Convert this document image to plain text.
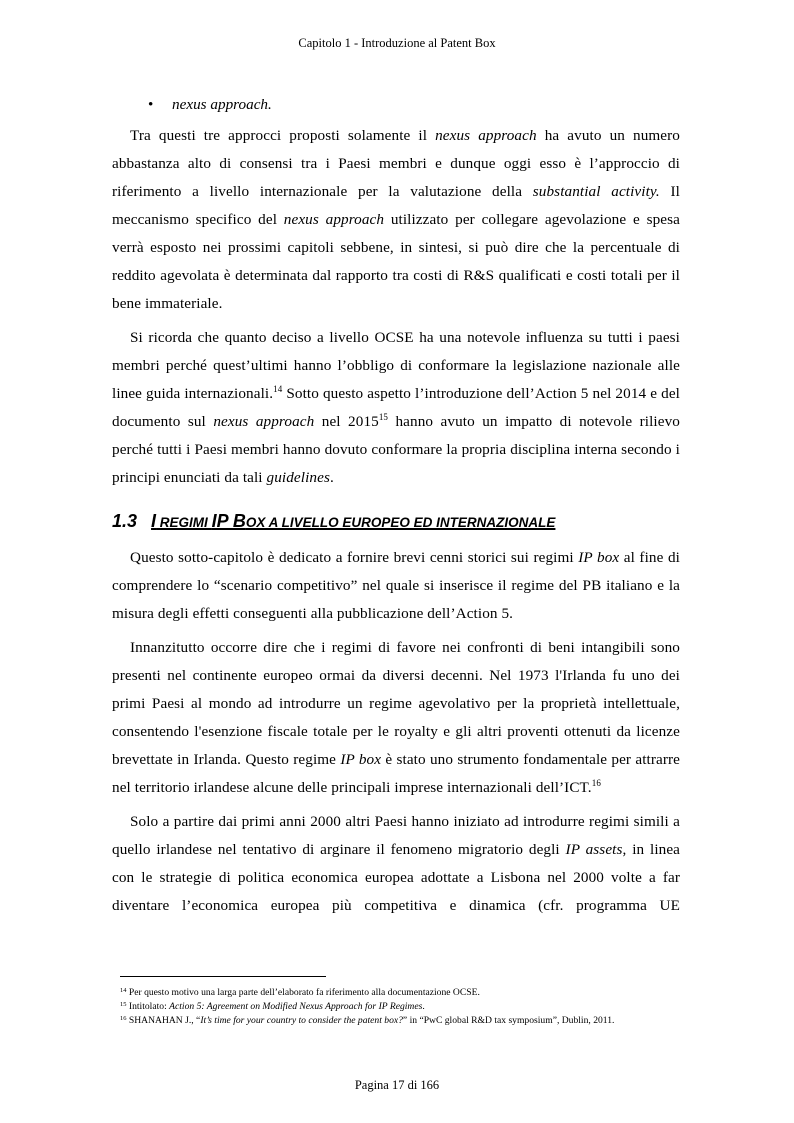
Capitolo 1 - Introduzione al Patent Box
• nexus approach.

Tra questi tre approcci proposti solamente il nexus approach ha avuto un numero abbastanza alto di consensi tra i Paesi membri e dunque oggi esso è l’approccio di riferimento a livello internazionale per la valutazione della substantial activity. Il meccanismo specifico del nexus approach utilizzato per collegare agevolazione e spesa verrà esposto nei prossimi capitoli sebbene, in sintesi, si può dire che la percentuale di reddito agevolata è determinata dal rapporto tra costi di R&S qualificati e costi totali per il bene immateriale.

Si ricorda che quanto deciso a livello OCSE ha una notevole influenza su tutti i paesi membri perché quest’ultimi hanno l’obbligo di conformare la legislazione nazionale alle linee guida internazionali.$^{14}$ Sotto questo aspetto l’introduzione dell’Action 5 nel 2014 e del documento sul nexus approach nel 2015$^{15}$ hanno avuto un impatto di notevole rilievo perché tutti i Paesi membri hanno dovuto conformare la propria disciplina interna secondo i principi enunciati da tali guidelines.

1.3 I REGIMI IP BOX A LIVELLO EUROPEO ED INTERNAZIONALE

Questo sotto-capitolo è dedicato a fornire brevi cenni storici sui regimi IP box al fine di comprendere lo “scenario competitivo” nel quale si inserisce il regime del PB italiano e la misura degli effetti conseguenti alla pubblicazione dell’Action 5.

Innanzitutto occorre dire che i regimi di favore nei confronti di beni intangibili sono presenti nel continente europeo ormai da diversi decenni. Nel 1973 l'Irlanda fu uno dei primi Paesi al mondo ad introdurre un regime agevolativo per la proprietà intellettuale, consentendo l'esenzione fiscale totale per le royalty e gli altri proventi ottenuti da licenze brevettate in Irlanda. Questo regime IP box è stato uno strumento fondamentale per attrarre nel territorio irlandese alcune delle principali imprese internazionali dell’ICT.$^{16}$

Solo a partire dai primi anni 2000 altri Paesi hanno iniziato ad introdurre regimi simili a quello irlandese nel tentativo di arginare il fenomeno migratorio degli IP assets, in linea con le strategie di politica economica europea adottate a Lisbona nel 2000 volte a far diventare l’economica europea più competitiva e dinamica (cfr. programma UE

$^{14}$ Per questo motivo una larga parte dell’elaborato fa riferimento alla documentazione OCSE.

$^{15}$ Intitolato: Action 5: Agreement on Modified Nexus Approach for IP Regimes.

$^{16}$ SHANAHAN J., “It’s time for your country to consider the patent box?” in “PwC global R&D tax symposium”, Dublin, 2011.

Pagina 17 di 166
